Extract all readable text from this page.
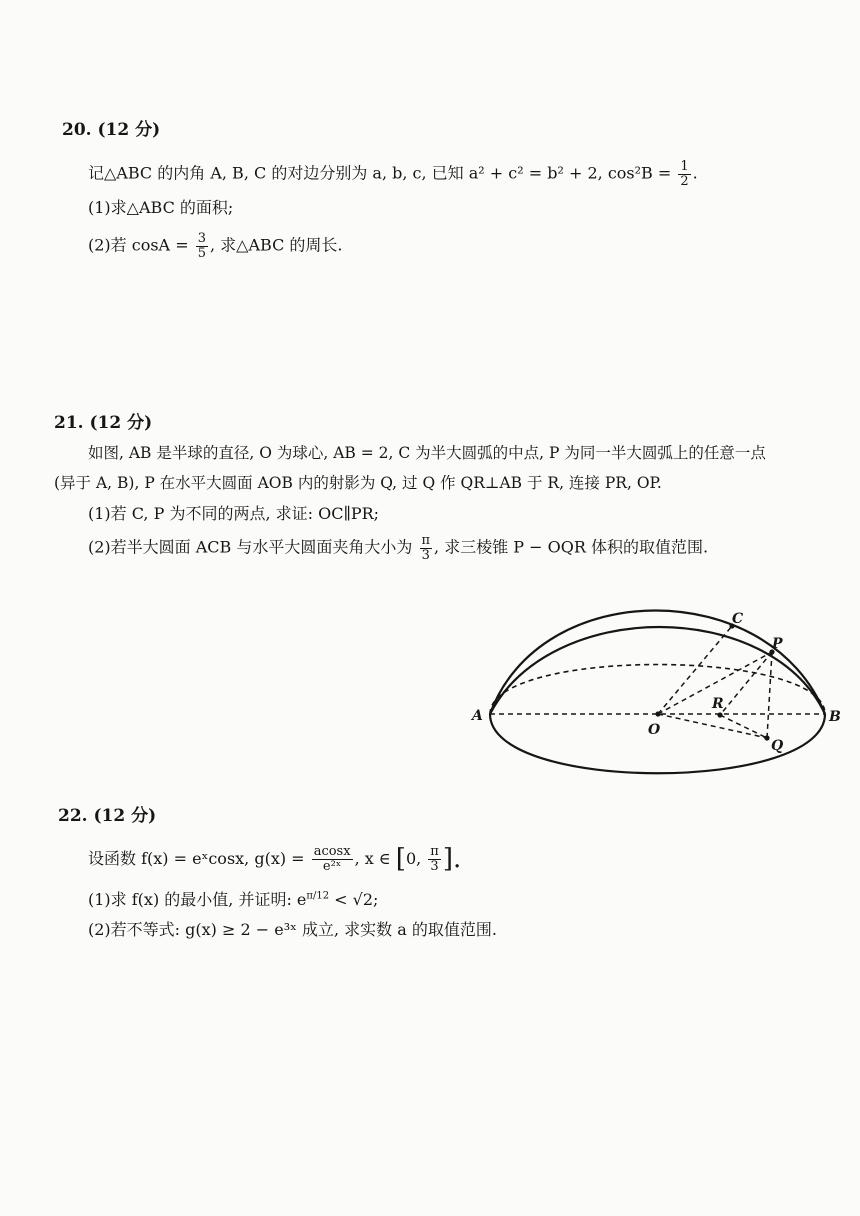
20. (12 分)
记△ABC 的内角 A, B, C 的对边分别为 a, b, c, 已知 a² + c² = b² + 2, $\cos^2B = \frac{1}{2}$ .
(1)求△ABC 的面积;
(2)若 $\cos A = \frac{3}{5}$ , 求△ABC 的周长.
21. (12 分)
如图, AB 是半球的直径, O 为球心, AB = 2, C 为半大圆弧的中点, P 为同一半大圆弧上的任意一点
(异于 A, B), P 在水平大圆面 AOB 内的射影为 Q, 过 Q 作 QR⊥AB 于 R, 连接 PR, OP.
(1)若 C, P 为不同的两点, 求证: OC∥PR;
(2)若半大圆面 ACB 与水平大圆面夹角大小为 $\frac{\pi}{3}$ , 求三棱锥 P − OQR 体积的取值范围.
A	B
C
P
O
R
Q
22. (12 分)
设函数 f(x) = eˣcosx, $g(x) = \frac{acosx}{\text{e²ˣ}}$ , x ∈ [0, $\frac{\pi}{3}$ ].
(1)求 f(x) 的最小值, 并证明: $e^{\pi/12} < √2$;
(2)若不等式: g(x) ≥ 2 − e³ˣ 成立, 求实数 a 的取值范围.
